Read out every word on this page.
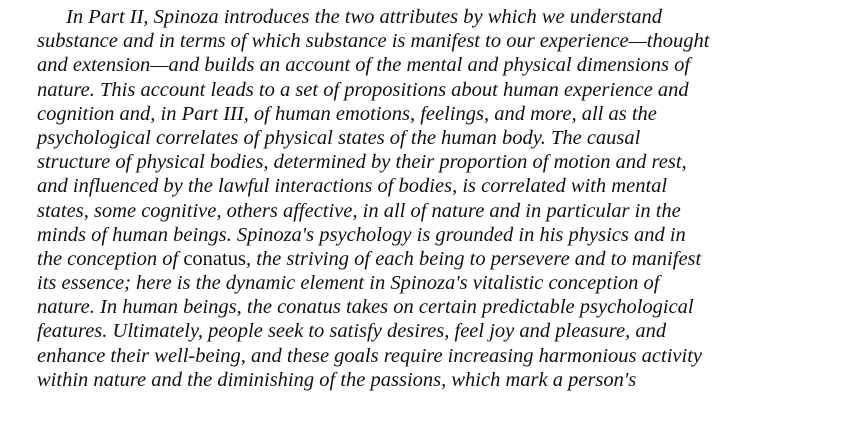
In Part II, Spinoza introduces the two attributes by which we understand
substance and in terms of which substance is manifest to our experience—thought
and extension—and builds an account of the mental and physical dimensions of
nature. This account leads to a set of propositions about human experience and
cognition and, in Part III, of human emotions, feelings, and more, all as the
psychological correlates of physical states of the human body. The causal
structure of physical bodies, determined by their proportion of motion and rest,
and influenced by the lawful interactions of bodies, is correlated with mental
states, some cognitive, others affective, in all of nature and in particular in the
minds of human beings. Spinoza's psychology is grounded in his physics and in
the conception of conatus, the striving of each being to persevere and to manifest
its essence; here is the dynamic element in Spinoza's vitalistic conception of
nature. In human beings, the conatus takes on certain predictable psychological
features. Ultimately, people seek to satisfy desires, feel joy and pleasure, and
enhance their well-being, and these goals require increasing harmonious activity
within nature and the diminishing of the passions, which mark a person's
